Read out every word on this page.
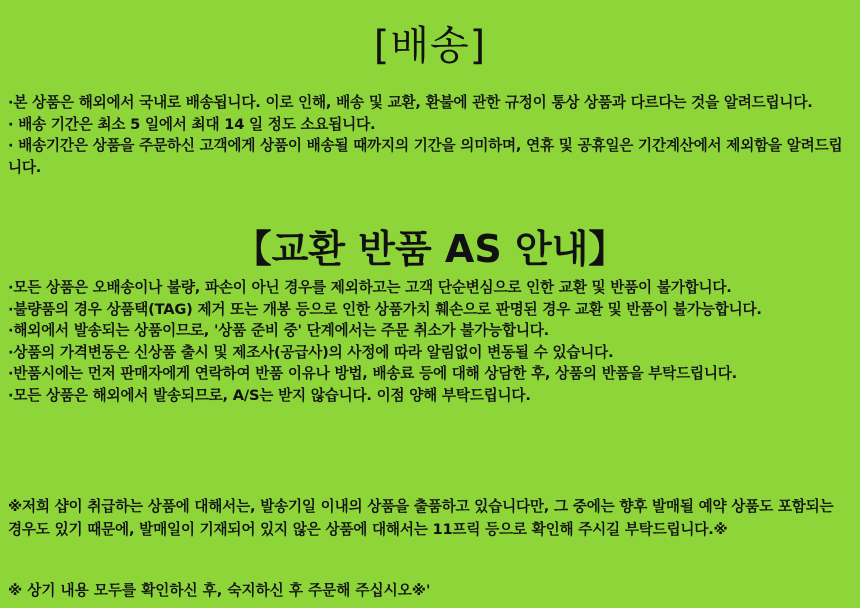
[배송]

·본 상품은 해외에서 국내로 배송됩니다. 이로 인해, 배송 및 교환, 환불에 관한 규정이 통상 상품과 다르다는 것을 알려드립니다.

· 배송 기간은 최소 5 일에서 최대 14 일 정도 소요됩니다.

· 배송기간은 상품을 주문하신 고객에게 상품이 배송될 때까지의 기간을 의미하며, 연휴 및 공휴일은 기간계산에서 제외함을 알려드립니다.

【교환 반품 AS 안내】

·모든 상품은 오배송이나 불량, 파손이 아닌 경우를 제외하고는 고객 단순변심으로 인한 교환 및 반품이 불가합니다.

·불량품의 경우 상품택(TAG) 제거 또는 개봉 등으로 인한 상품가치 훼손으로 판명된 경우 교환 및 반품이 불가능합니다.

·해외에서 발송되는 상품이므로, '상품 준비 중' 단계에서는 주문 취소가 불가능합니다.

·상품의 가격변동은 신상품 출시 및 제조사(공급사)의 사정에 따라 알림없이 변동될 수 있습니다.

·반품시에는 먼저 판매자에게 연락하여 반품 이유나 방법, 배송료 등에 대해 상담한 후, 상품의 반품을 부탁드립니다.

·모든 상품은 해외에서 발송되므로, A/S는 받지 않습니다. 이점 양해 부탁드립니다.

※저희 샵이 취급하는 상품에 대해서는, 발송기일 이내의 상품을 출품하고 있습니다만, 그 중에는 향후 발매될 예약 상품도 포함되는 경우도 있기 때문에, 발매일이 기재되어 있지 않은 상품에 대해서는 11프릭 등으로 확인해 주시길 부탁드립니다.※
※ 상기 내용 모두를 확인하신 후, 숙지하신 후 주문해 주십시오※'
